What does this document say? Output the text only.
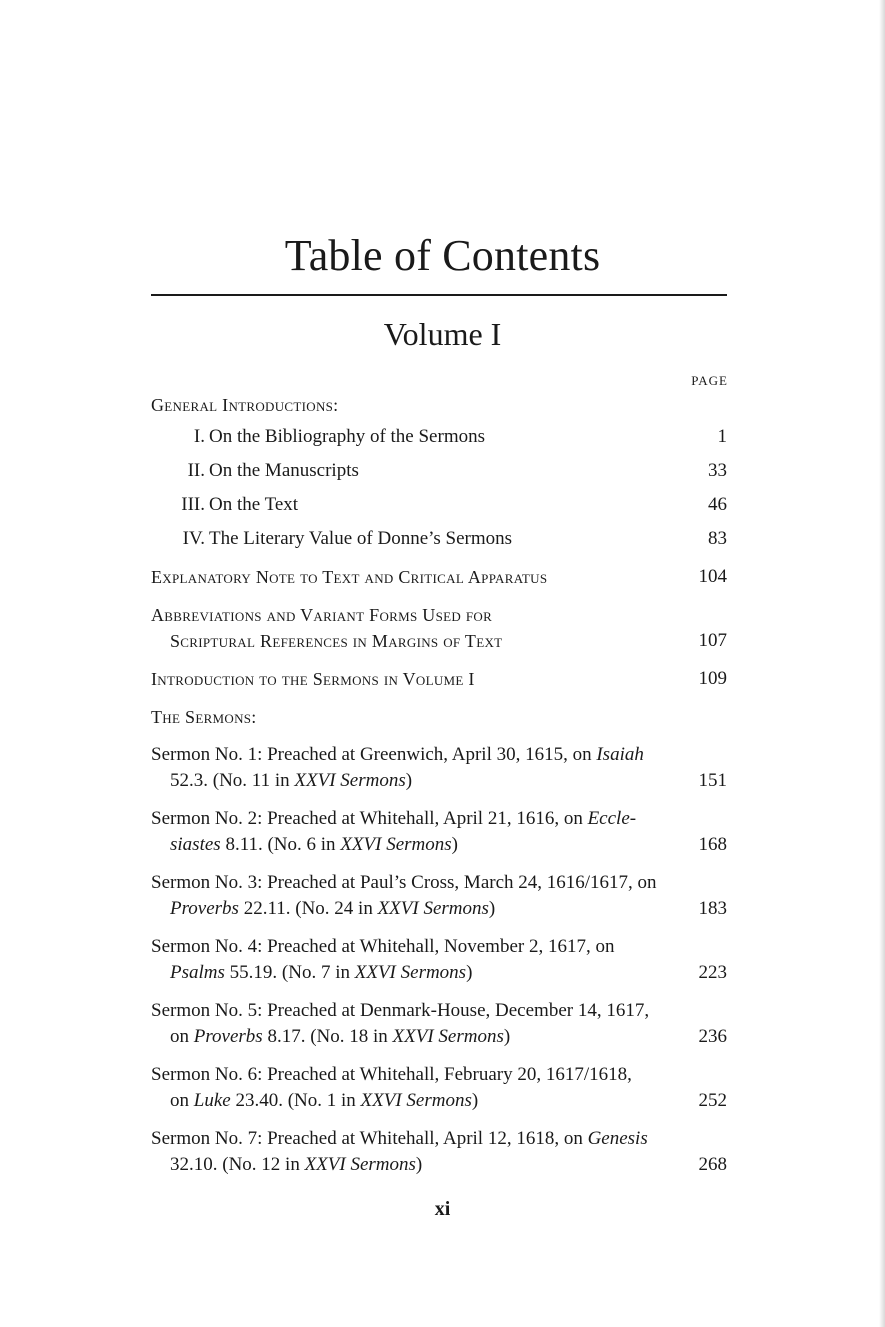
Table of Contents
Volume I
PAGE
General Introductions:
I. On the Bibliography of the Sermons	1
II. On the Manuscripts	33
III. On the Text	46
IV. The Literary Value of Donne’s Sermons	83
Explanatory Note to Text and Critical Apparatus	104
Abbreviations and Variant Forms Used for
Scriptural References in Margins of Text	107
Introduction to the Sermons in Volume I	109
The Sermons:
Sermon No. 1: Preached at Greenwich, April 30, 1615, on Isaiah
52.3. (No. 11 in XXVI Sermons)	151
Sermon No. 2: Preached at Whitehall, April 21, 1616, on Eccle-
siastes 8.11. (No. 6 in XXVI Sermons)	168
Sermon No. 3: Preached at Paul’s Cross, March 24, 1616/1617, on
Proverbs 22.11. (No. 24 in XXVI Sermons)	183
Sermon No. 4: Preached at Whitehall, November 2, 1617, on
Psalms 55.19. (No. 7 in XXVI Sermons)	223
Sermon No. 5: Preached at Denmark-House, December 14, 1617,
on Proverbs 8.17. (No. 18 in XXVI Sermons)	236
Sermon No. 6: Preached at Whitehall, February 20, 1617/1618,
on Luke 23.40. (No. 1 in XXVI Sermons)	252
Sermon No. 7: Preached at Whitehall, April 12, 1618, on Genesis
32.10. (No. 12 in XXVI Sermons)	268
xi
